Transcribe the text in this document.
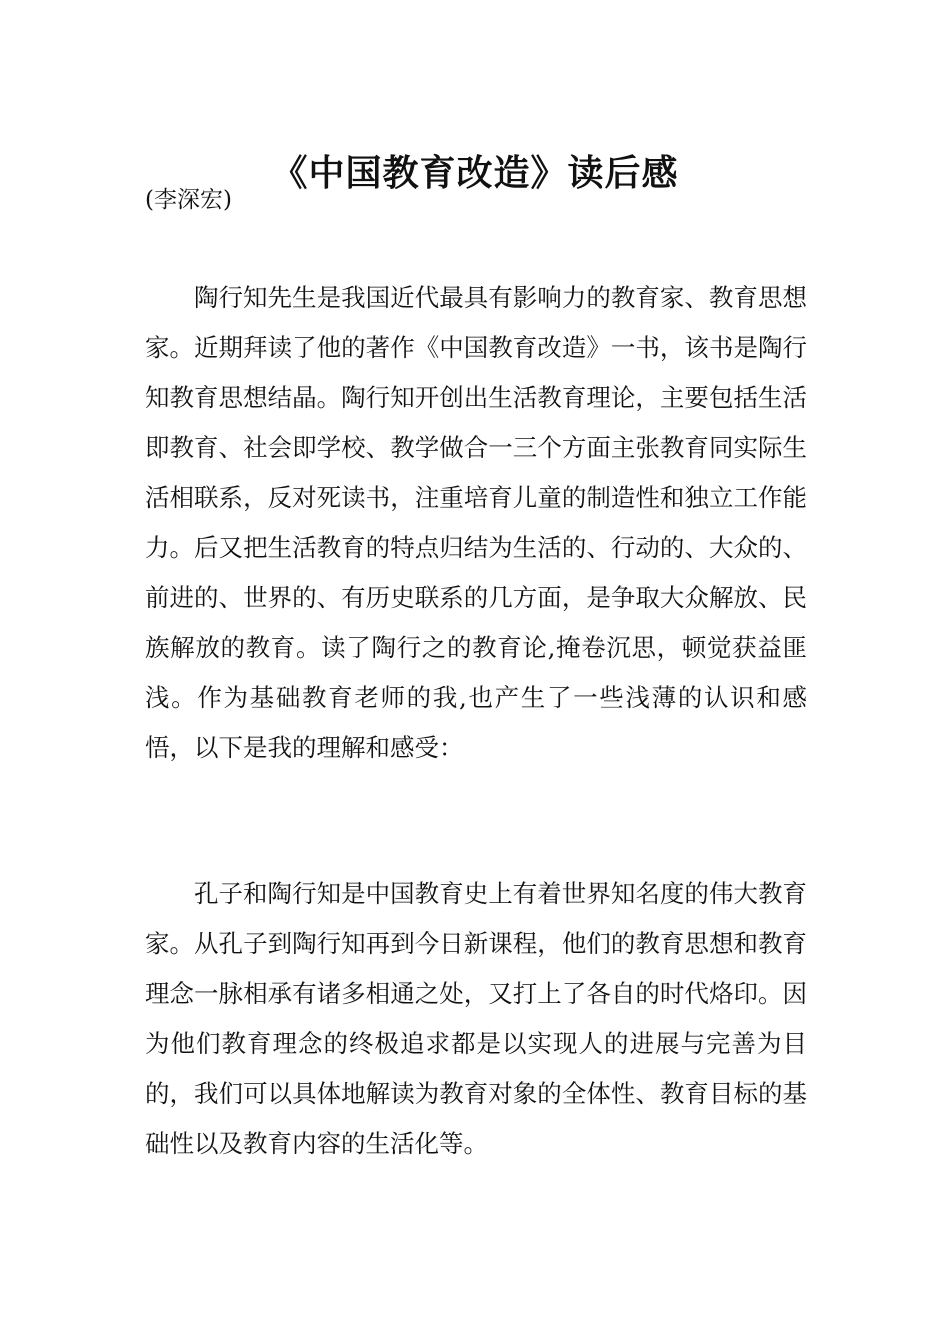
《中国教育改造》读后感
(李深宏)

陶行知先生是我国近代最具有影响力的教育家、教育思想家。近期拜读了他的著作《中国教育改造》一书，该书是陶行知教育思想结晶。陶行知开创出生活教育理论，主要包括生活即教育、社会即学校、教学做合一三个方面主张教育同实际生活相联系，反对死读书，注重培育儿童的制造性和独立工作能力。后又把生活教育的特点归结为生活的、行动的、大众的、前进的、世界的、有历史联系的几方面，是争取大众解放、民族解放的教育。读了陶行之的教育论,掩卷沉思，顿觉获益匪浅。作为基础教育老师的我,也产生了一些浅薄的认识和感悟，以下是我的理解和感受：

孔子和陶行知是中国教育史上有着世界知名度的伟大教育家。从孔子到陶行知再到今日新课程，他们的教育思想和教育理念一脉相承有诸多相通之处，又打上了各自的时代烙印。因为他们教育理念的终极追求都是以实现人的进展与完善为目的，我们可以具体地解读为教育对象的全体性、教育目标的基础性以及教育内容的生活化等。
